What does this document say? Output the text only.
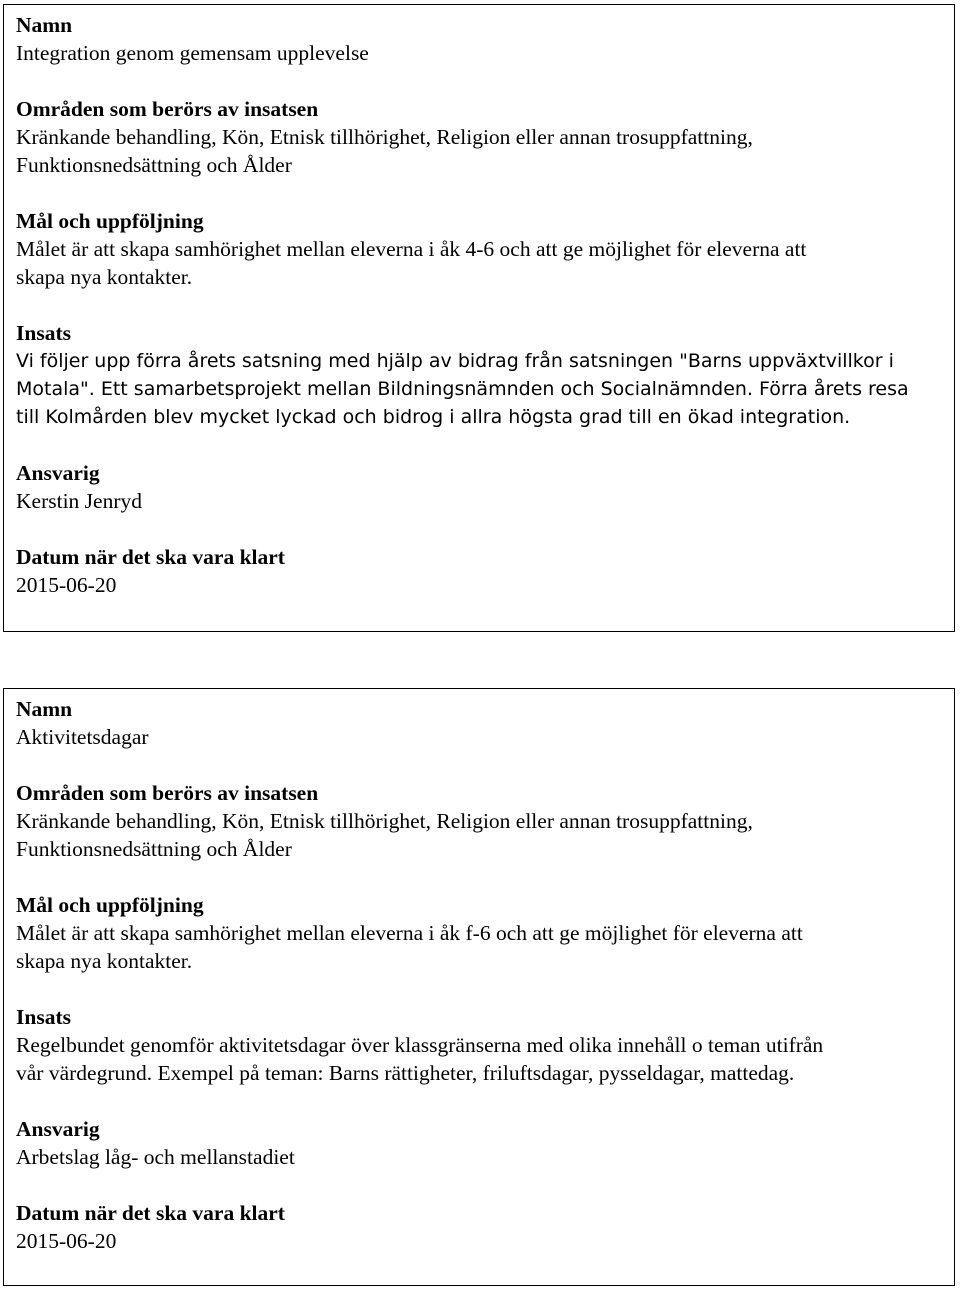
Namn
Integration genom gemensam upplevelse
Områden som berörs av insatsen
Kränkande behandling, Kön, Etnisk tillhörighet, Religion eller annan trosuppfattning,
Funktionsnedsättning och Ålder
Mål och uppföljning
Målet är att skapa samhörighet mellan eleverna i åk 4-6 och att ge möjlighet för eleverna att
skapa nya kontakter.
Insats
Vi följer upp förra årets satsning med hjälp av bidrag från satsningen "Barns uppväxtvillkor i
Motala". Ett samarbetsprojekt mellan Bildningsnämnden och Socialnämnden. Förra årets resa
till Kolmården blev mycket lyckad och bidrog i allra högsta grad till en ökad integration.
Ansvarig
Kerstin Jenryd
Datum när det ska vara klart
2015-06-20
Namn
Aktivitetsdagar
Områden som berörs av insatsen
Kränkande behandling, Kön, Etnisk tillhörighet, Religion eller annan trosuppfattning,
Funktionsnedsättning och Ålder
Mål och uppföljning
Målet är att skapa samhörighet mellan eleverna i åk f-6 och att ge möjlighet för eleverna att
skapa nya kontakter.
Insats
Regelbundet genomför aktivitetsdagar över klassgränserna med olika innehåll o teman utifrån
vår värdegrund. Exempel på teman: Barns rättigheter, friluftsdagar, pysseldagar, mattedag.
Ansvarig
Arbetslag låg- och mellanstadiet
Datum när det ska vara klart
2015-06-20
